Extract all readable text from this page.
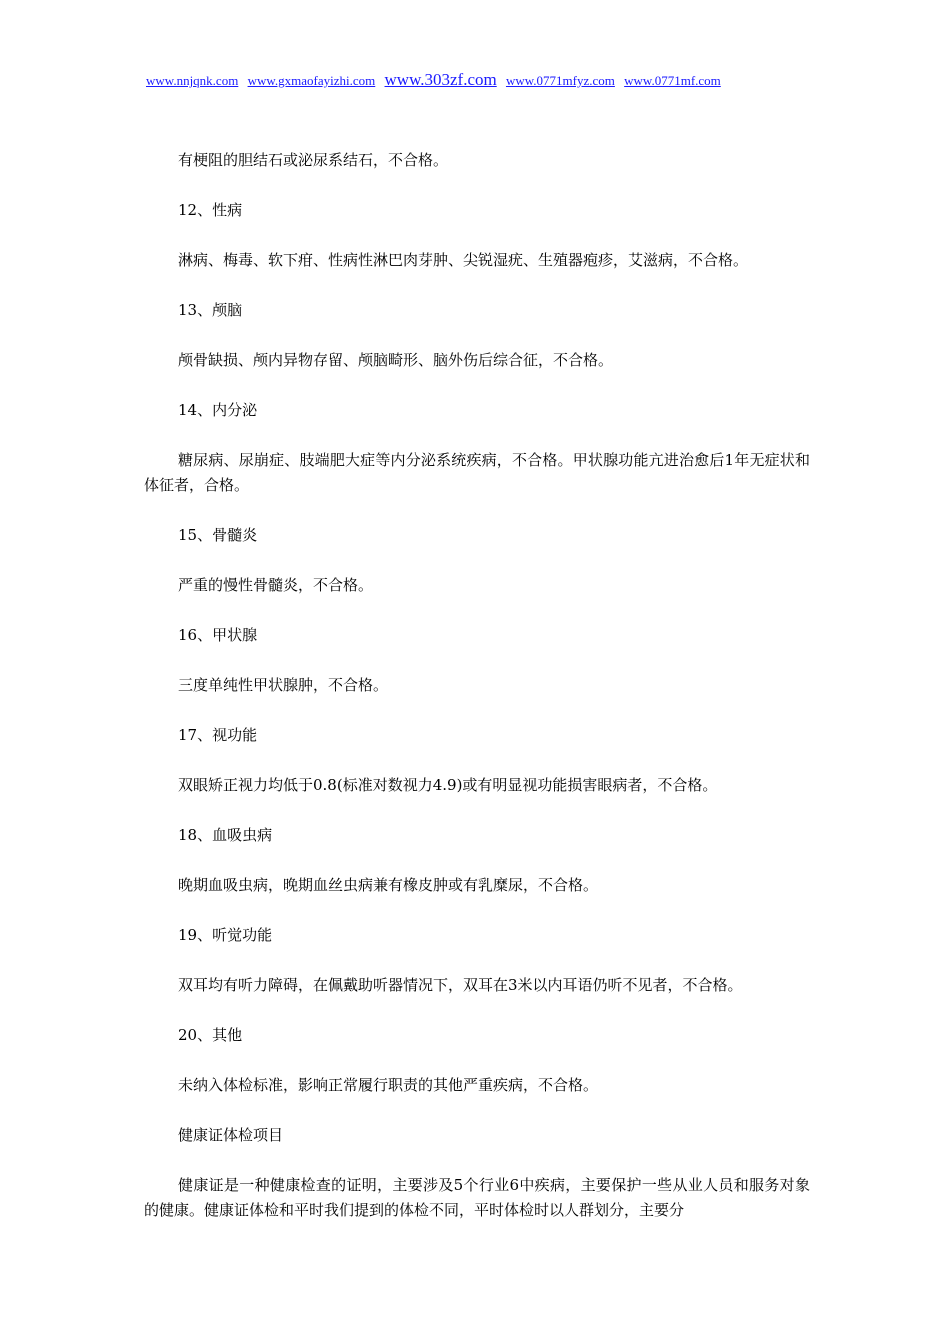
www.nnjqnk.com www.gxmaofayizhi.com www.303zf.com www.0771mfyz.com www.0771mf.com

有梗阻的胆结石或泌尿系结石，不合格。

12、性病

淋病、梅毒、软下疳、性病性淋巴肉芽肿、尖锐湿疣、生殖器疱疹，艾滋病，不合格。

13、颅脑

颅骨缺损、颅内异物存留、颅脑畸形、脑外伤后综合征，不合格。

14、内分泌

糖尿病、尿崩症、肢端肥大症等内分泌系统疾病，不合格。甲状腺功能亢进治愈后1年无症状和体征者，合格。

15、骨髓炎

严重的慢性骨髓炎，不合格。

16、甲状腺

三度单纯性甲状腺肿，不合格。

17、视功能

双眼矫正视力均低于0.8(标准对数视力4.9)或有明显视功能损害眼病者，不合格。

18、血吸虫病

晚期血吸虫病，晚期血丝虫病兼有橡皮肿或有乳糜尿，不合格。

19、听觉功能

双耳均有听力障碍，在佩戴助听器情况下，双耳在3米以内耳语仍听不见者，不合格。

20、其他

未纳入体检标准，影响正常履行职责的其他严重疾病，不合格。

健康证体检项目

健康证是一种健康检查的证明，主要涉及5个行业6中疾病，主要保护一些从业人员和服务对象的健康。健康证体检和平时我们提到的体检不同，平时体检时以人群划分，主要分
